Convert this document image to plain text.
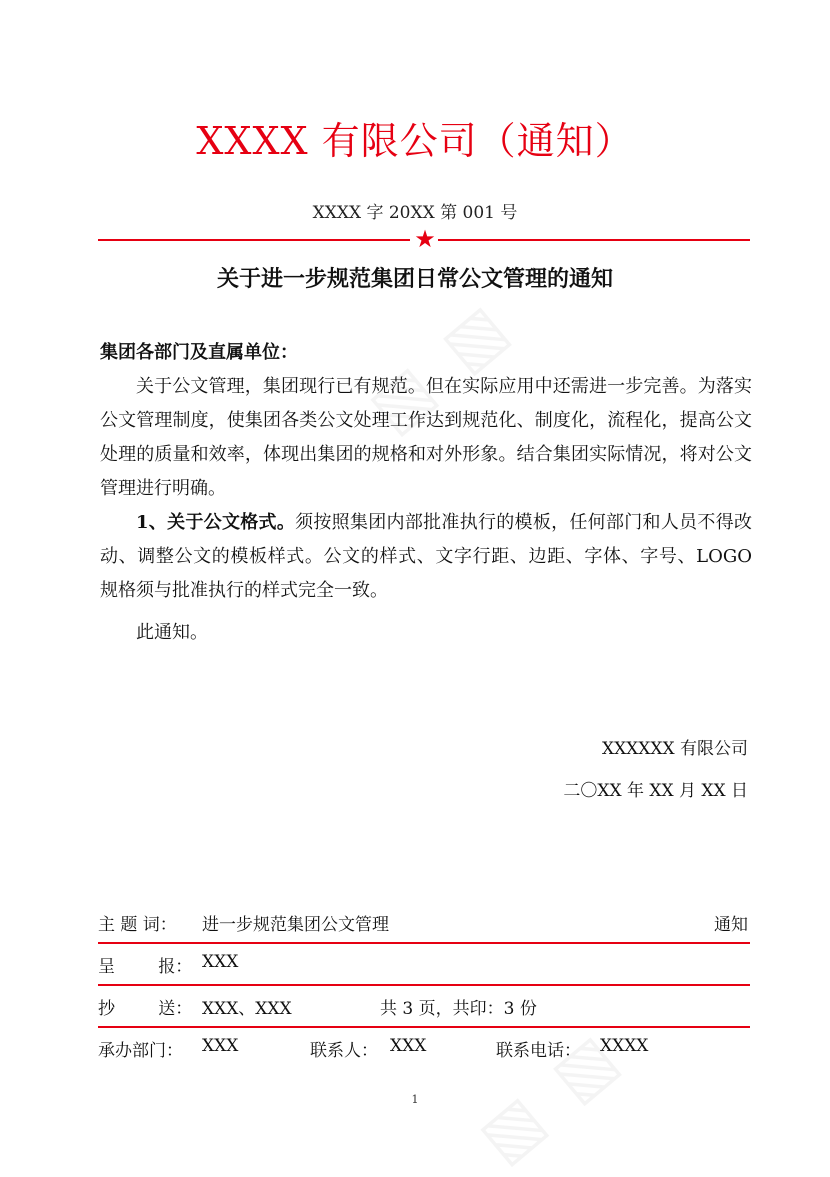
XXXX 有限公司（通知）
XXXX 字 20XX 第 001 号
★
关于进一步规范集团日常公文管理的通知

集团各部门及直属单位：

关于公文管理，集团现行已有规范。但在实际应用中还需进一步完善。为落实公文管理制度，使集团各类公文处理工作达到规范化、制度化，流程化，提高公文处理的质量和效率，体现出集团的规格和对外形象。结合集团实际情况，将对公文管理进行明确。

1、关于公文格式。须按照集团内部批准执行的模板，任何部门和人员不得改动、调整公文的模板样式。公文的样式、文字行距、边距、字体、字号、LOGO 规格须与批准执行的样式完全一致。

此通知。

XXXXXX 有限公司
二〇XX 年 XX 月 XX 日
主 题 词： 进一步规范集团公文管理	通知
呈        报： XXX
抄        送： XXX、XXX	共 3 页，共印：3 份
承办部门： XXX	联系人： XXX	联系电话： XXXX
1
